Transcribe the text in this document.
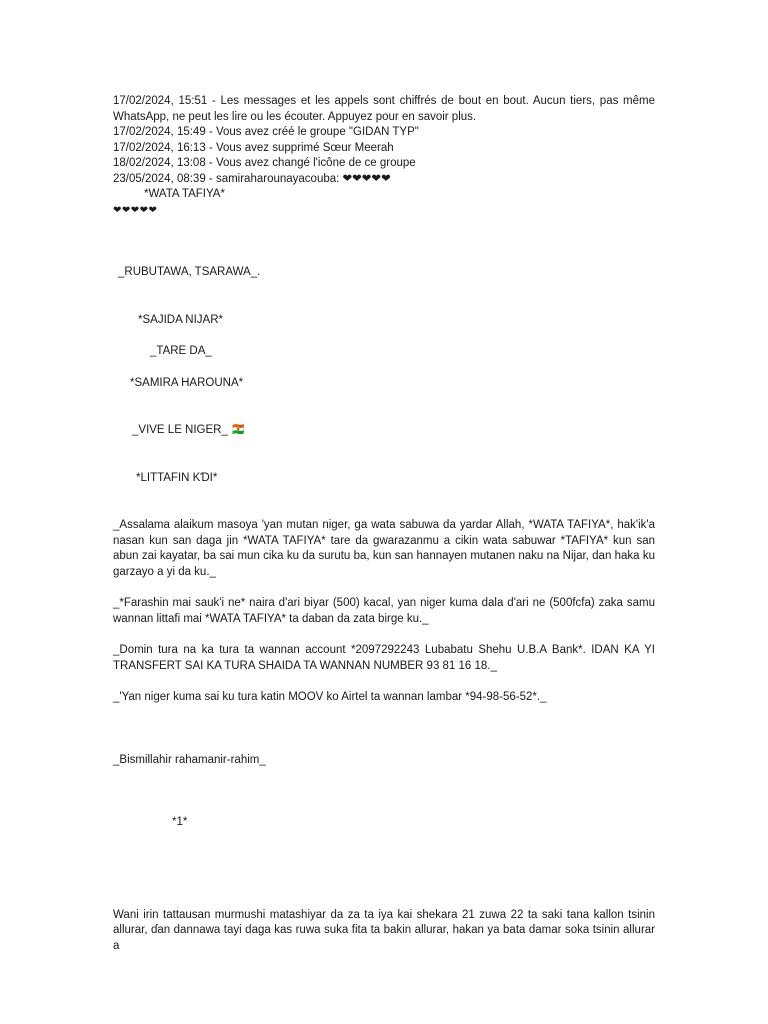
17/02/2024, 15:51 - Les messages et les appels sont chiffrés de bout en bout. Aucun tiers, pas même WhatsApp, ne peut les lire ou les écouter. Appuyez pour en savoir plus.
17/02/2024, 15:49 - Vous avez créé le groupe "GIDAN TYP"
17/02/2024, 16:13 - Vous avez supprimé Sœur Meerah
18/02/2024, 13:08 - Vous avez changé l'icône de ce groupe
23/05/2024, 08:39 - samiraharounayacouba: ❤❤❤❤❤
*WATA TAFIYA*
❤❤❤❤❤
_RUBUTAWA, TSARAWA_.
*SAJIDA NIJAR*
_TARE DA_
*SAMIRA HAROUNA*
_VIVE LE NIGER_ 🇳🇪
*LITTAFIN KƊI*
_Assalama alaikum masoya 'yan mutan niger, ga wata sabuwa da yardar Allah, *WATA TAFIYA*, hak'ik'a nasan kun san daga jin *WATA TAFIYA* tare da gwarazanmu a cikin wata sabuwar *TAFIYA* kun san abun zai kayatar, ba sai mun cika ku da surutu ba, kun san hannayen mutanen naku na Nijar, dan haka ku garzayo a yi da ku._
_*Farashin mai sauk'i ne* naira d'ari biyar (500) kacal, yan niger kuma dala d'ari ne (500fcfa) zaka samu wannan littafi mai *WATA TAFIYA* ta daban da zata birge ku._
_Domin tura na ka tura ta wannan account *2097292243 Lubabatu Shehu U.B.A Bank*. IDAN KA YI TRANSFERT SAI KA TURA SHAIDA TA WANNAN NUMBER 93 81 16 18._
_'Yan niger kuma sai ku tura katin MOOV ko Airtel ta wannan lambar *94-98-56-52*._
_Bismillahir rahamanir-rahim_
*1*
Wani irin tattausan murmushi matashiyar da za ta iya kai shekara 21 zuwa 22 ta saki tana kallon tsinin allurar, ɗan dannawa tayi daga kas ruwa suka fita ta bakin allurar, hakan ya bata damar soka tsinin allurar a
